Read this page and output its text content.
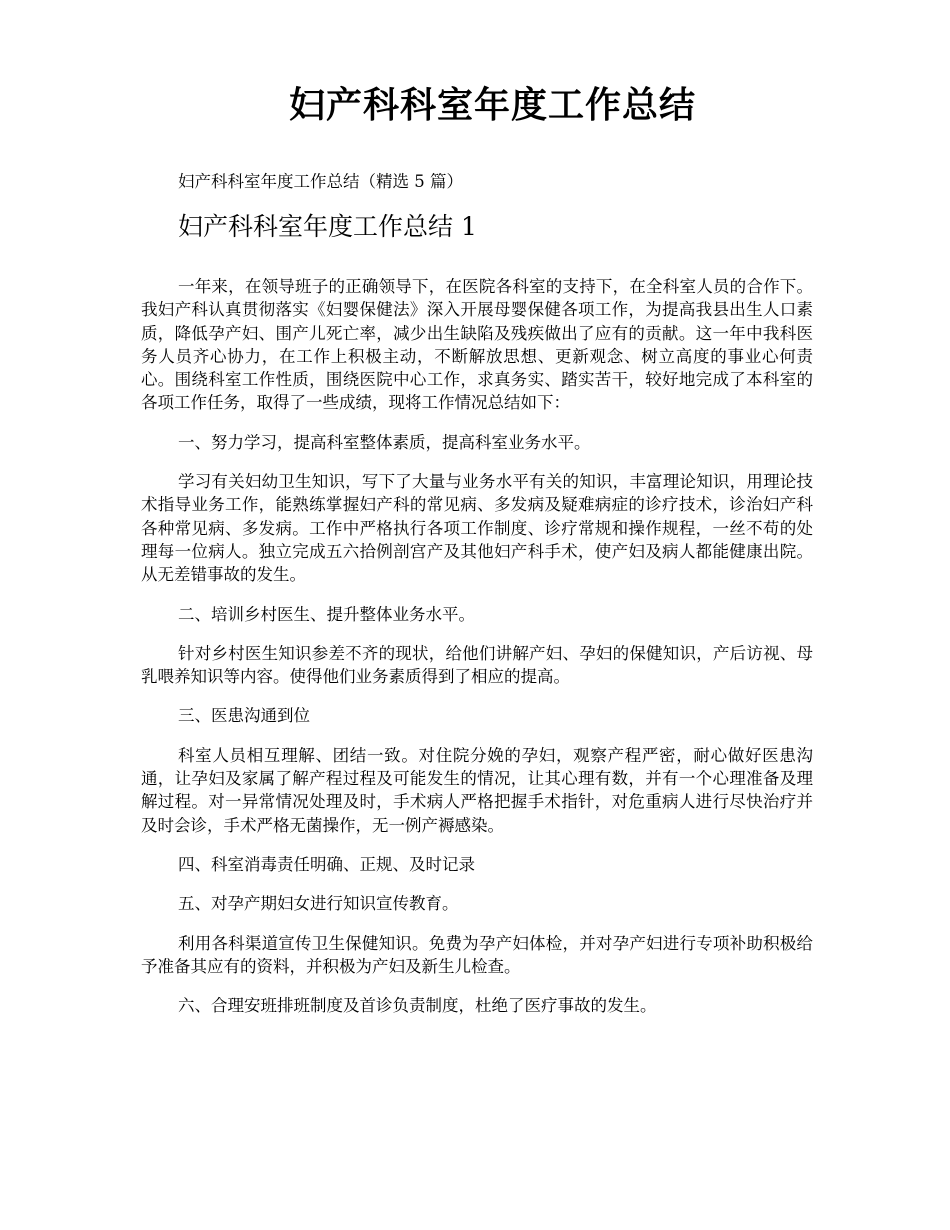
妇产科科室年度工作总结

妇产科科室年度工作总结（精选 5 篇）

妇产科科室年度工作总结 1

一年来，在领导班子的正确领导下，在医院各科室的支持下，在全科室人员的合作下。我妇产科认真贯彻落实《妇婴保健法》深入开展母婴保健各项工作，为提高我县出生人口素质，降低孕产妇、围产儿死亡率，减少出生缺陷及残疾做出了应有的贡献。这一年中我科医务人员齐心协力，在工作上积极主动，不断解放思想、更新观念、树立高度的事业心何责心。围绕科室工作性质，围绕医院中心工作，求真务实、踏实苦干，较好地完成了本科室的各项工作任务，取得了一些成绩，现将工作情况总结如下：

一、努力学习，提高科室整体素质，提高科室业务水平。

学习有关妇幼卫生知识，写下了大量与业务水平有关的知识，丰富理论知识，用理论技术指导业务工作，能熟练掌握妇产科的常见病、多发病及疑难病症的诊疗技术，诊治妇产科各种常见病、多发病。工作中严格执行各项工作制度、诊疗常规和操作规程，一丝不苟的处理每一位病人。独立完成五六拾例剖宫产及其他妇产科手术，使产妇及病人都能健康出院。从无差错事故的发生。

二、培训乡村医生、提升整体业务水平。

针对乡村医生知识参差不齐的现状，给他们讲解产妇、孕妇的保健知识，产后访视、母乳喂养知识等内容。使得他们业务素质得到了相应的提高。

三、医患沟通到位

科室人员相互理解、团结一致。对住院分娩的孕妇，观察产程严密，耐心做好医患沟通，让孕妇及家属了解产程过程及可能发生的情况，让其心理有数，并有一个心理准备及理解过程。对一异常情况处理及时，手术病人严格把握手术指针，对危重病人进行尽快治疗并及时会诊，手术严格无菌操作，无一例产褥感染。

四、科室消毒责任明确、正规、及时记录

五、对孕产期妇女进行知识宣传教育。

利用各科渠道宣传卫生保健知识。免费为孕产妇体检，并对孕产妇进行专项补助积极给予准备其应有的资料，并积极为产妇及新生儿检查。

六、合理安班排班制度及首诊负责制度，杜绝了医疗事故的发生。
